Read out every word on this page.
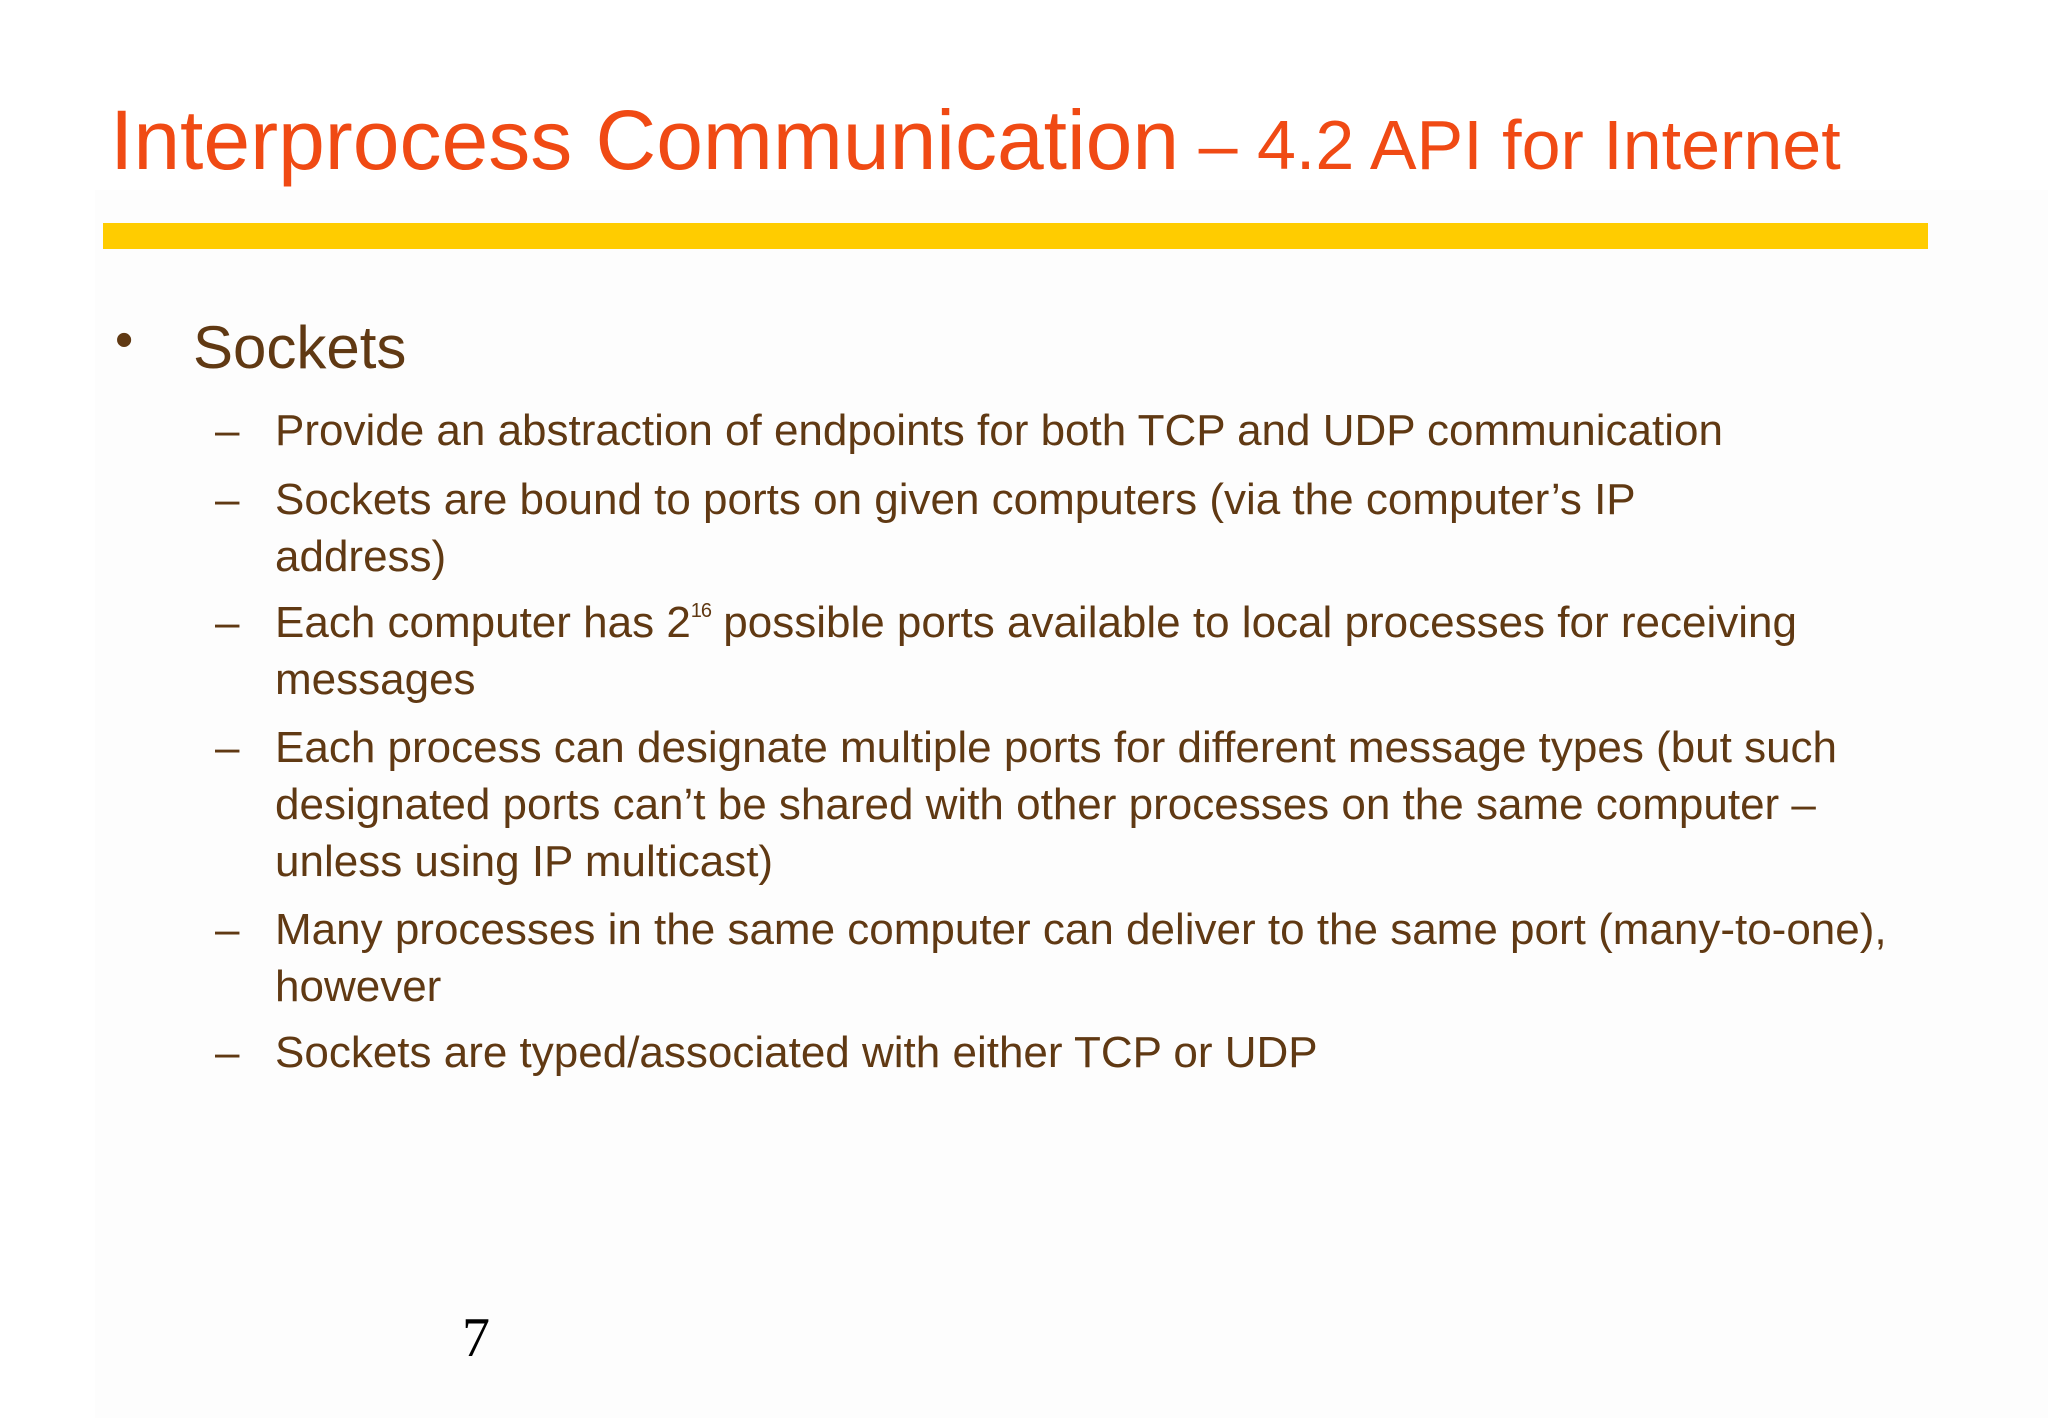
Interprocess Communication – 4.2 API for Internet
• Sockets
– Provide an abstraction of endpoints for both TCP and UDP communication
– Sockets are bound to ports on given computers (via the computer’s IP address)
– Each computer has $2^{16}$ possible ports available to local processes for receiving messages
– Each process can designate multiple ports for different message types (but such designated ports can’t be shared with other processes on the same computer – unless using IP multicast)
– Many processes in the same computer can deliver to the same port (many-to-one), however
– Sockets are typed/associated with either TCP or UDP
7
